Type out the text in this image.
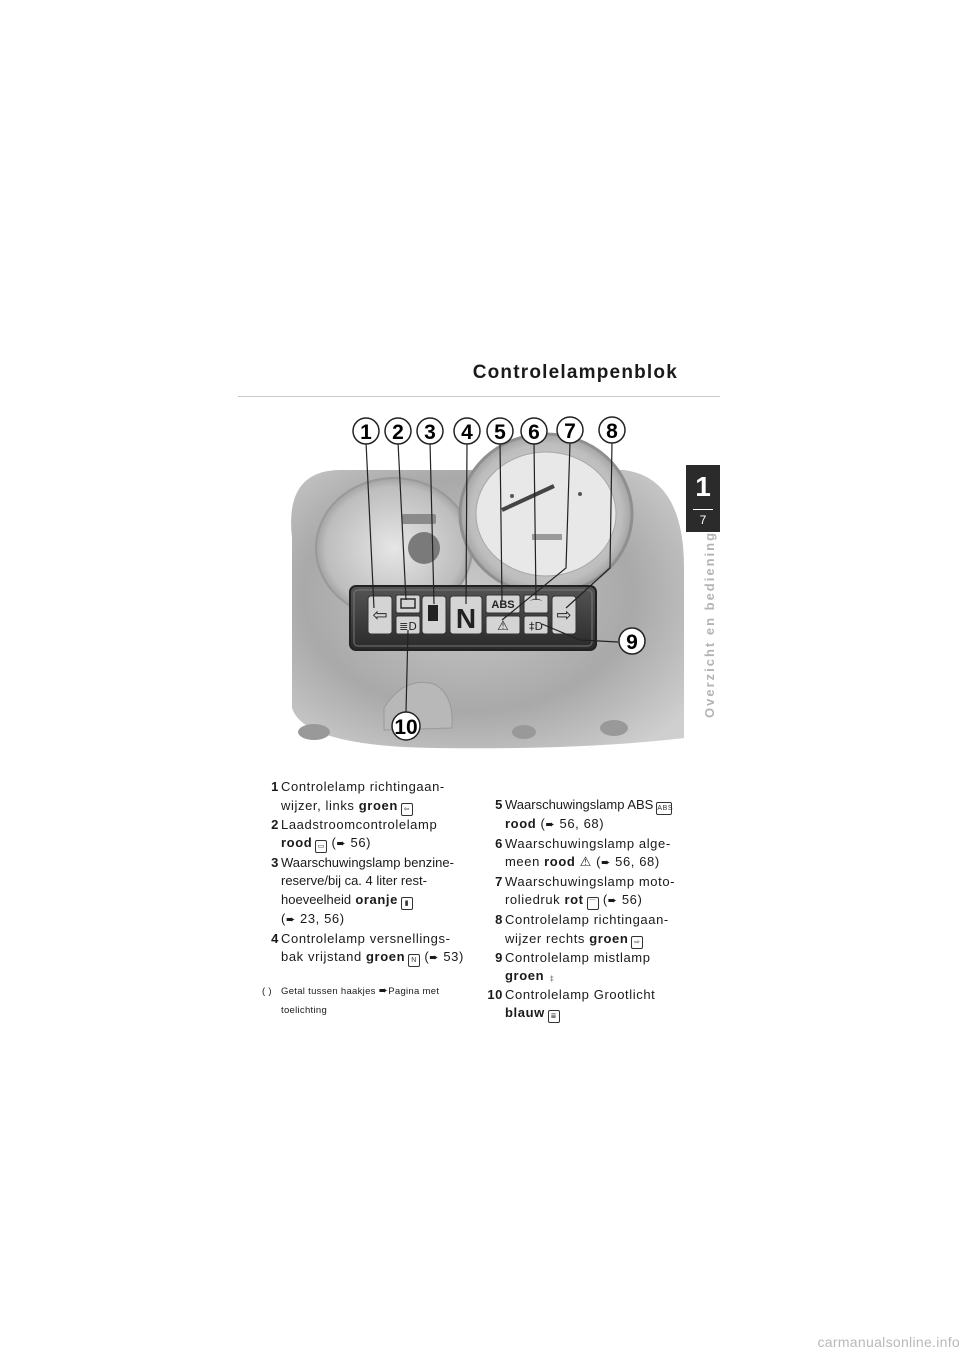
Controlelampenblok
1
7
Overzicht en bediening
⇦
≣D N ABS ⌒
⚠ ‡D
⇨
1 2 3 4 5 6 7 8
9
10
1 Controlelamp richtingaan-
wijzer, links groen ⇦
2 Laadstroomcontrolelamp
rood ▭ (➨ 56)
3 Waarschuwingslamp benzine-
reserve/bij ca. 4 liter rest-
hoeveelheid oranje ▮
(➨ 23, 56)
4 Controlelamp versnellings-
bak vrijstand groen N (➨ 53)
( ) Getal tussen haakjes ➨Pagina met
toelichting
5 Waarschuwingslamp ABS ABS
rood (➨ 56, 68)
6 Waarschuwingslamp alge-
meen rood ⚠ (➨ 56, 68)
7 Waarschuwingslamp moto-
roliedruk rot ⌒ (➨ 56)
8 Controlelamp richtingaan-
wijzer rechts groen ⇨
9 Controlelamp mistlamp
groen ‡
10 Controlelamp Grootlicht
blauw ≣
carmanualsonline.info
